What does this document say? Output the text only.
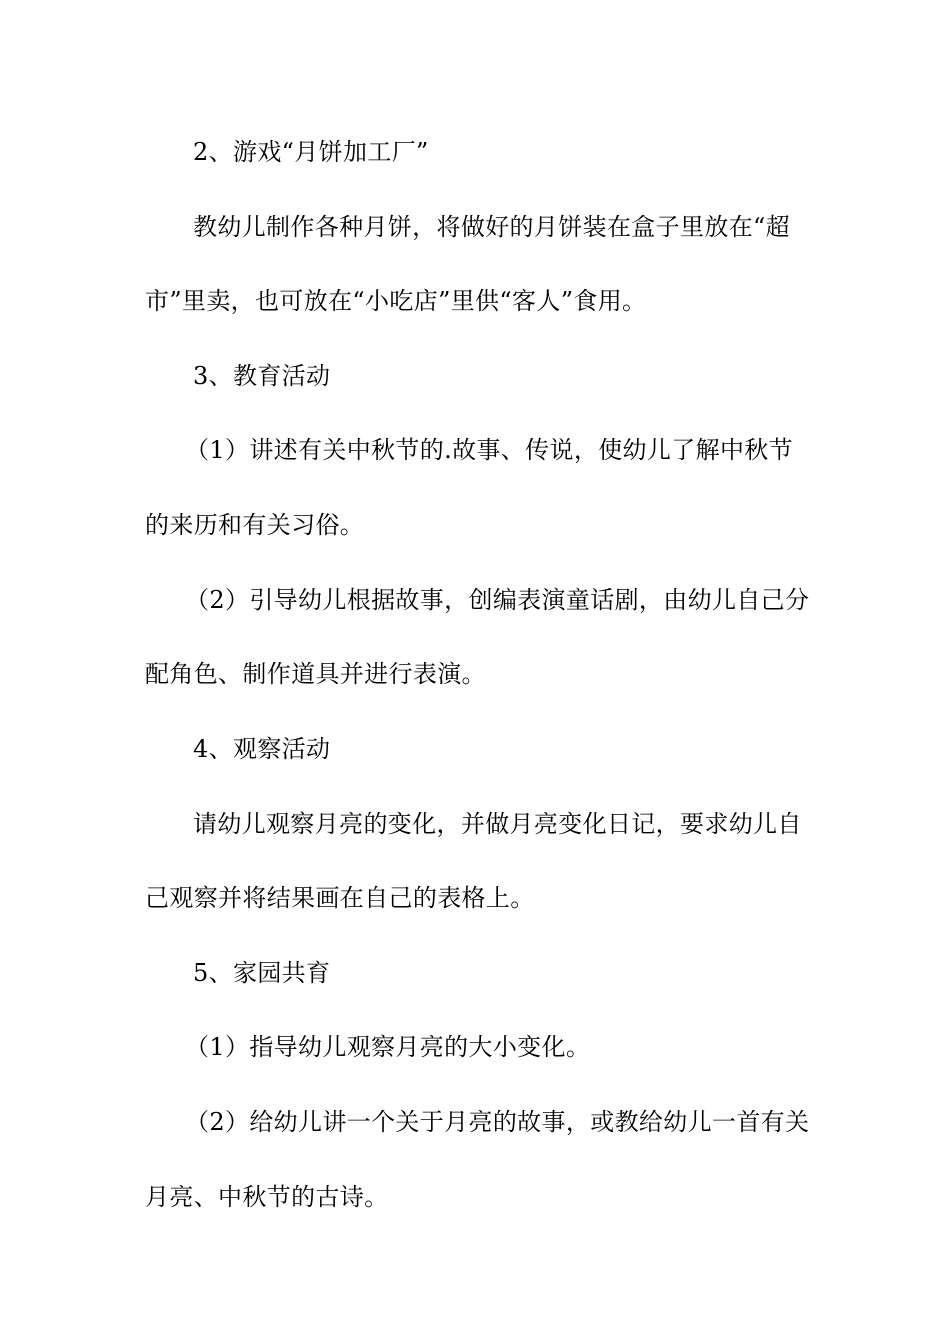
2、游戏“月饼加工厂”
教幼儿制作各种月饼，将做好的月饼装在盒子里放在“超
市”里卖，也可放在“小吃店”里供“客人”食用。
3、教育活动
（1）讲述有关中秋节的.故事、传说，使幼儿了解中秋节
的来历和有关习俗。
（2）引导幼儿根据故事，创编表演童话剧，由幼儿自己分
配角色、制作道具并进行表演。
4、观察活动
请幼儿观察月亮的变化，并做月亮变化日记，要求幼儿自
己观察并将结果画在自己的表格上。
5、家园共育
（1）指导幼儿观察月亮的大小变化。
（2）给幼儿讲一个关于月亮的故事，或教给幼儿一首有关
月亮、中秋节的古诗。
